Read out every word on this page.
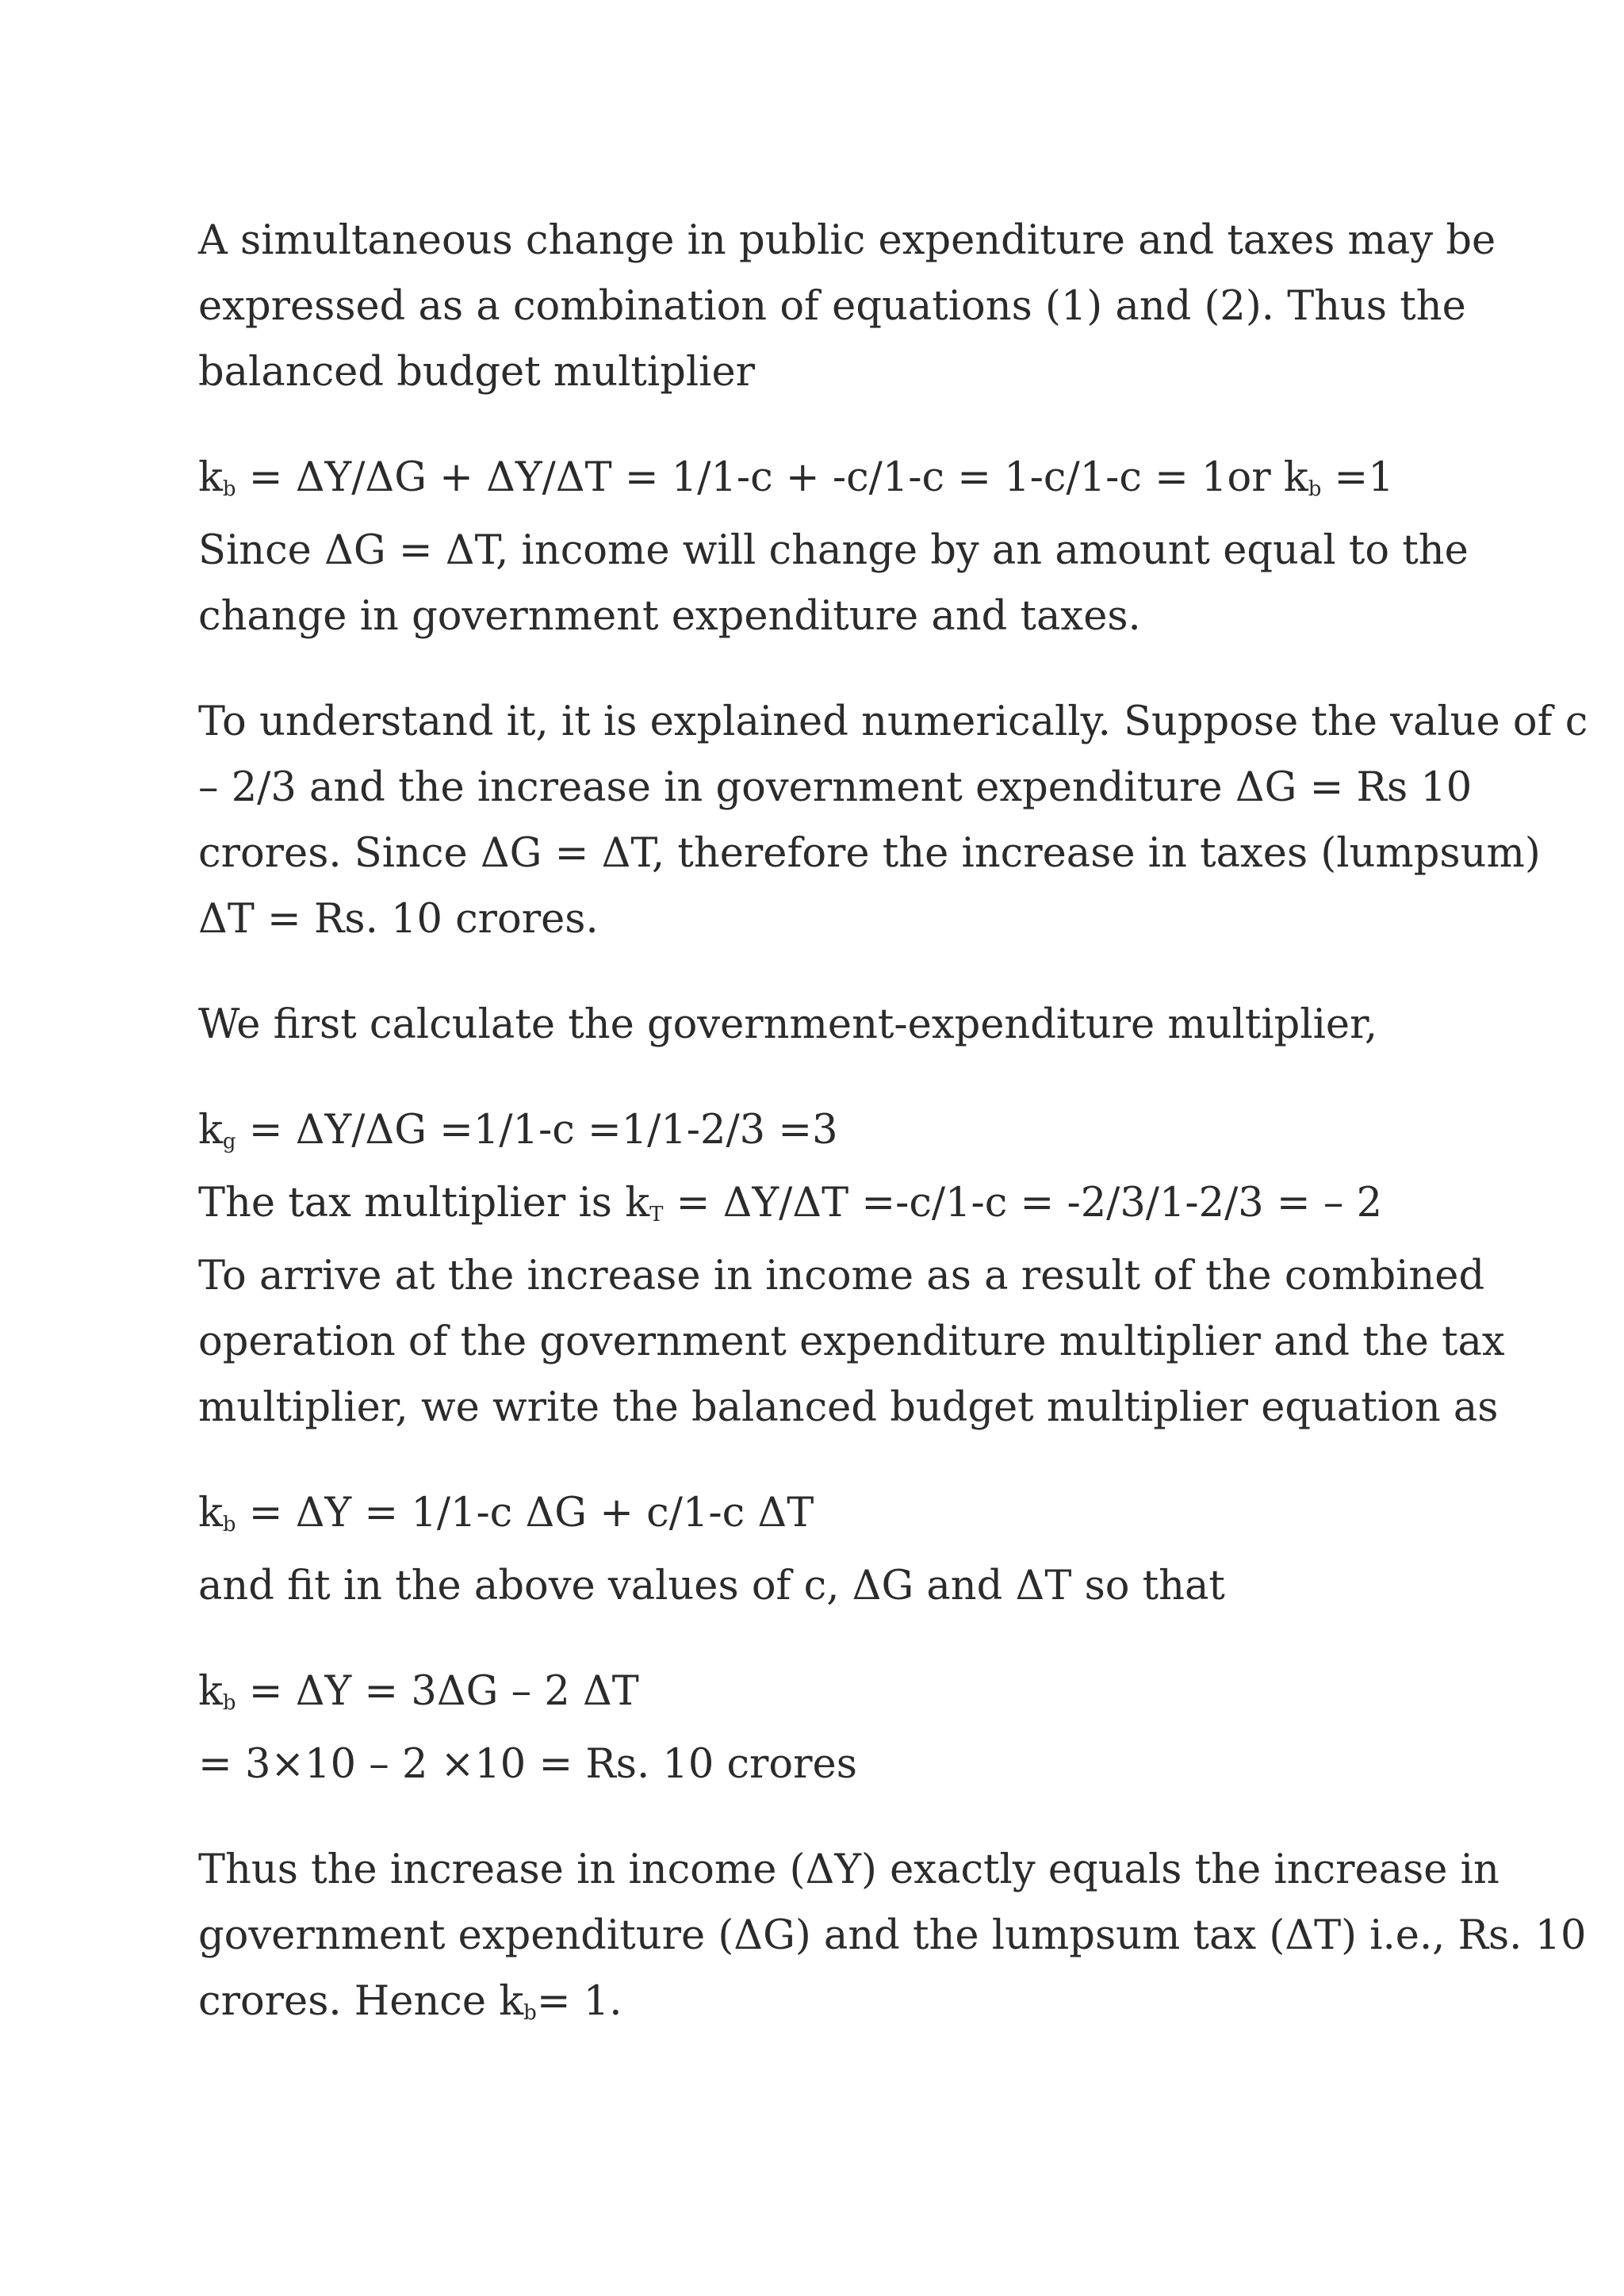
A simultaneous change in public expenditure and taxes may be
expressed as a combination of equations (1) and (2). Thus the
balanced budget multiplier
kb = ΔY/ΔG + ΔY/ΔT = 1/1-c + -c/1-c = 1-c/1-c = 1or kb =1
Since ΔG = ΔT, income will change by an amount equal to the
change in government expenditure and taxes.
To understand it, it is explained numerically. Suppose the value of c
– 2/3 and the increase in government expenditure ΔG = Rs 10
crores. Since ΔG = ΔT, therefore the increase in taxes (lumpsum)
ΔT = Rs. 10 crores.
We first calculate the government-expenditure multiplier,
kg = ΔY/ΔG =1/1-c =1/1-2/3 =3
The tax multiplier is kT = ΔY/ΔT =-c/1-c = -2/3/1-2/3 = – 2
To arrive at the increase in income as a result of the combined
operation of the government expenditure multiplier and the tax
multiplier, we write the balanced budget multiplier equation as
kb = ΔY = 1/1-c ΔG + c/1-c ΔT
and fit in the above values of c, ΔG and ΔT so that
kb = ΔY = 3ΔG – 2 ΔT
= 3×10 – 2 ×10 = Rs. 10 crores
Thus the increase in income (ΔY) exactly equals the increase in
government expenditure (ΔG) and the lumpsum tax (ΔT) i.e., Rs. 10
crores. Hence kb= 1.
